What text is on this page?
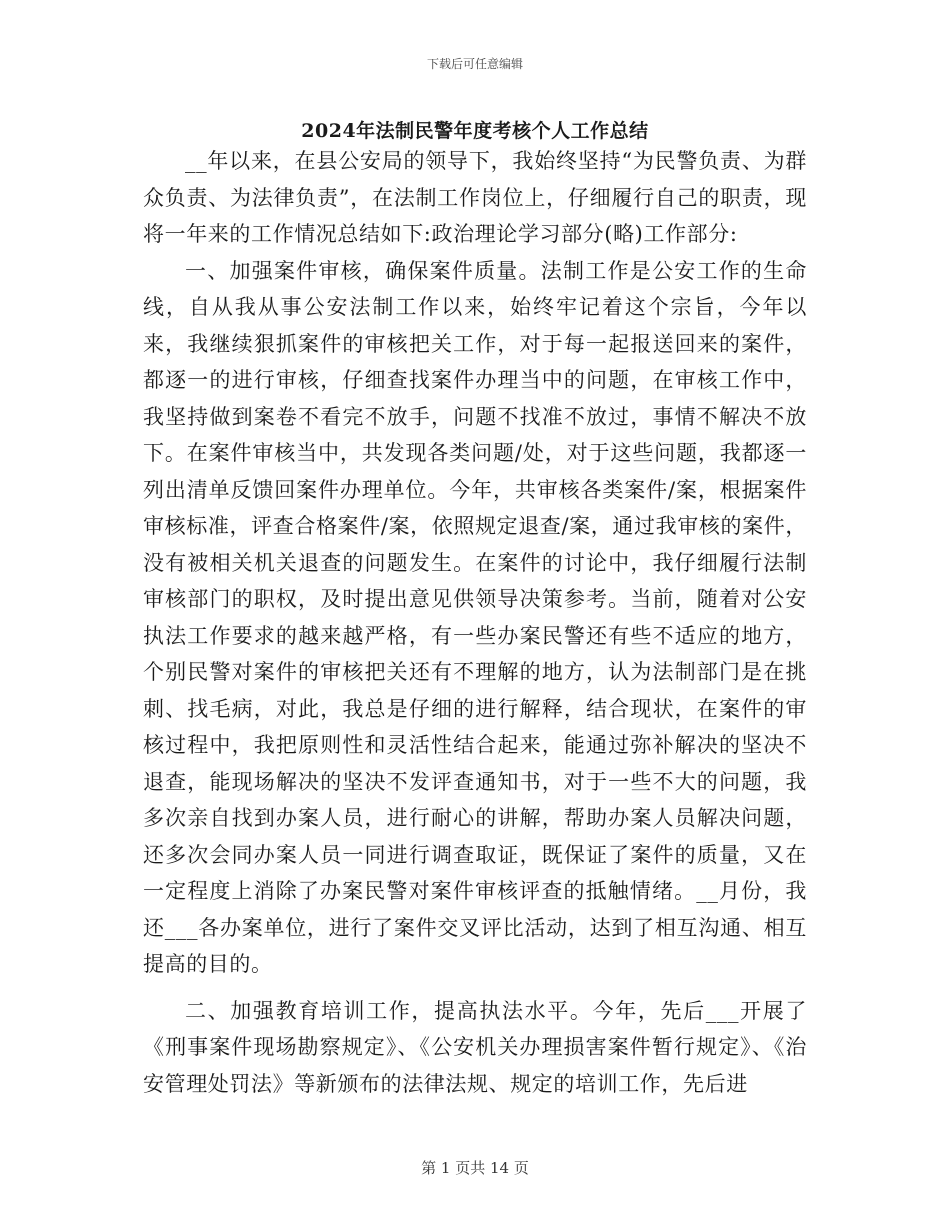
下载后可任意编辑
2024年法制民警年度考核个人工作总结

__年以来，在县公安局的领导下，我始终坚持“为民警负责、为群众负责、为法律负责”，在法制工作岗位上，仔细履行自己的职责，现将一年来的工作情况总结如下:政治理论学习部分(略)工作部分:

一、加强案件审核，确保案件质量。法制工作是公安工作的生命线，自从我从事公安法制工作以来，始终牢记着这个宗旨，今年以来，我继续狠抓案件的审核把关工作，对于每一起报送回来的案件，都逐一的进行审核，仔细查找案件办理当中的问题，在审核工作中，我坚持做到案卷不看完不放手，问题不找准不放过，事情不解决不放下。在案件审核当中，共发现各类问题/处，对于这些问题，我都逐一列出清单反馈回案件办理单位。今年，共审核各类案件/案，根据案件审核标准，评查合格案件/案，依照规定退查/案，通过我审核的案件，没有被相关机关退查的问题发生。在案件的讨论中，我仔细履行法制审核部门的职权，及时提出意见供领导决策参考。当前，随着对公安执法工作要求的越来越严格，有一些办案民警还有些不适应的地方，个别民警对案件的审核把关还有不理解的地方，认为法制部门是在挑刺、找毛病，对此，我总是仔细的进行解释，结合现状，在案件的审核过程中，我把原则性和灵活性结合起来，能通过弥补解决的坚决不退查，能现场解决的坚决不发评查通知书，对于一些不大的问题，我多次亲自找到办案人员，进行耐心的讲解，帮助办案人员解决问题，还多次会同办案人员一同进行调查取证，既保证了案件的质量，又在一定程度上消除了办案民警对案件审核评查的抵触情绪。__月份，我还___各办案单位，进行了案件交叉评比活动，达到了相互沟通、相互提高的目的。

二、加强教育培训工作，提高执法水平。今年，先后___开展了《刑事案件现场勘察规定》、《公安机关办理损害案件暂行规定》、《治安管理处罚法》等新颁布的法律法规、规定的培训工作，先后进

第 1 页共 14 页
